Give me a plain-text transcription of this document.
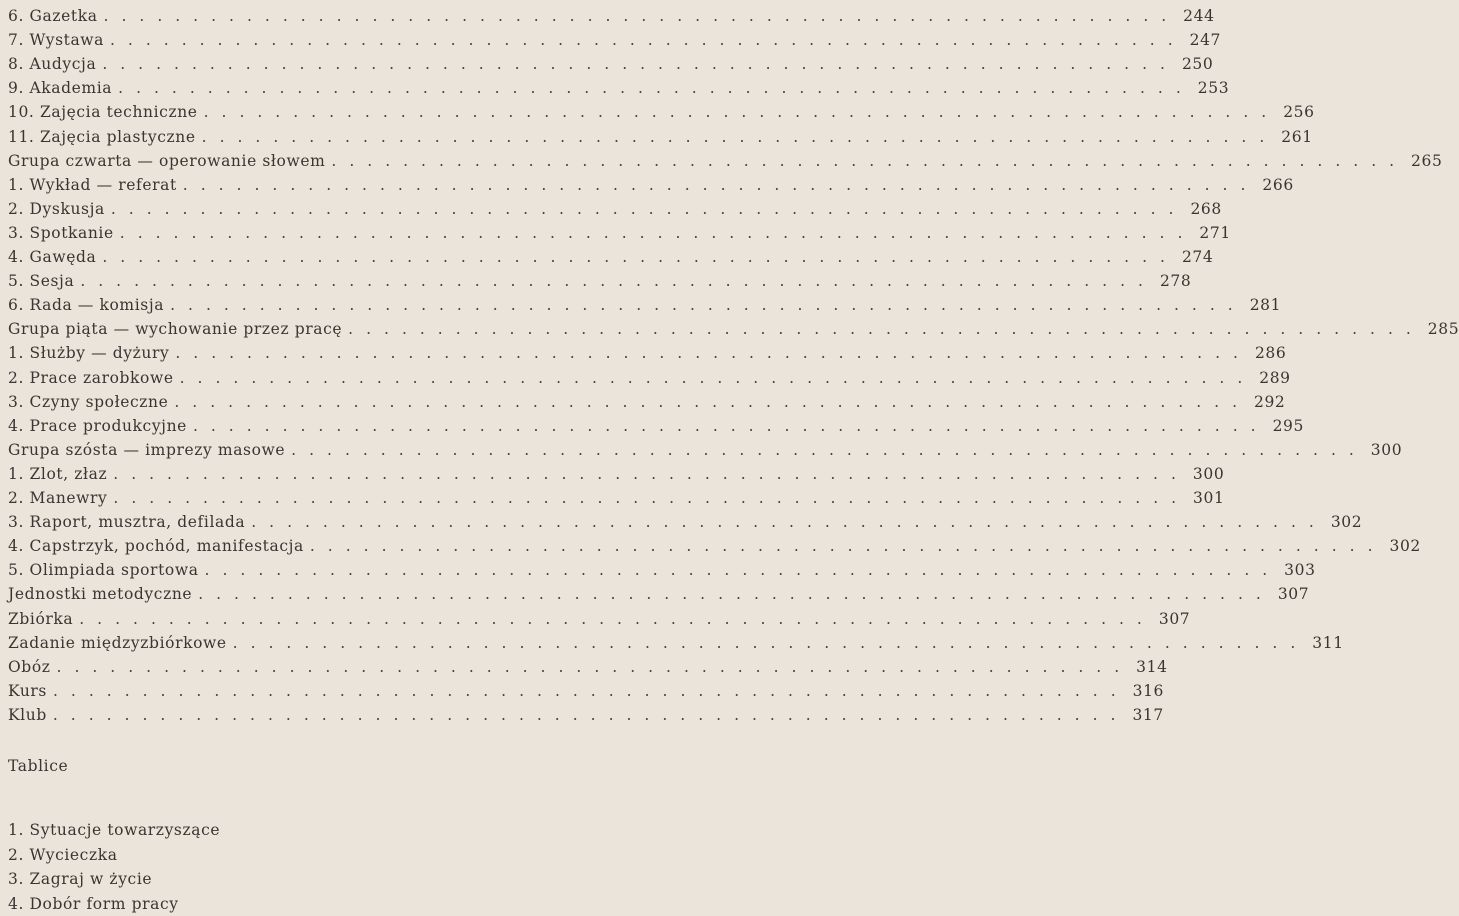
6. Gazetka ............................................................ 244
7. Wystawa ............................................................ 247
8. Audycja ............................................................ 250
9. Akademia ............................................................ 253
10. Zajęcia techniczne ............................................................ 256
11. Zajęcia plastyczne ............................................................ 261
Grupa czwarta — operowanie słowem ............................................................ 265
1. Wykład — referat ............................................................ 266
2. Dyskusja ............................................................ 268
3. Spotkanie ............................................................ 271
4. Gawęda ............................................................ 274
5. Sesja ............................................................ 278
6. Rada — komisja ............................................................ 281
Grupa piąta — wychowanie przez pracę ............................................................ 285
1. Służby — dyżury ............................................................ 286
2. Prace zarobkowe ............................................................ 289
3. Czyny społeczne ............................................................ 292
4. Prace produkcyjne ............................................................ 295
Grupa szósta — imprezy masowe ............................................................ 300
1. Zlot, złaz ............................................................ 300
2. Manewry ............................................................ 301
3. Raport, musztra, defilada ............................................................ 302
4. Capstrzyk, pochód, manifestacja ............................................................ 302
5. Olimpiada sportowa ............................................................ 303
Jednostki metodyczne ............................................................ 307
Zbiórka ............................................................ 307
Zadanie międzyzbiórkowe ............................................................ 311
Obóz ............................................................ 314
Kurs ............................................................ 316
Klub ............................................................ 317
Tablice
1. Sytuacje towarzyszące
2. Wycieczka
3. Zagraj w życie
4. Dobór form pracy
